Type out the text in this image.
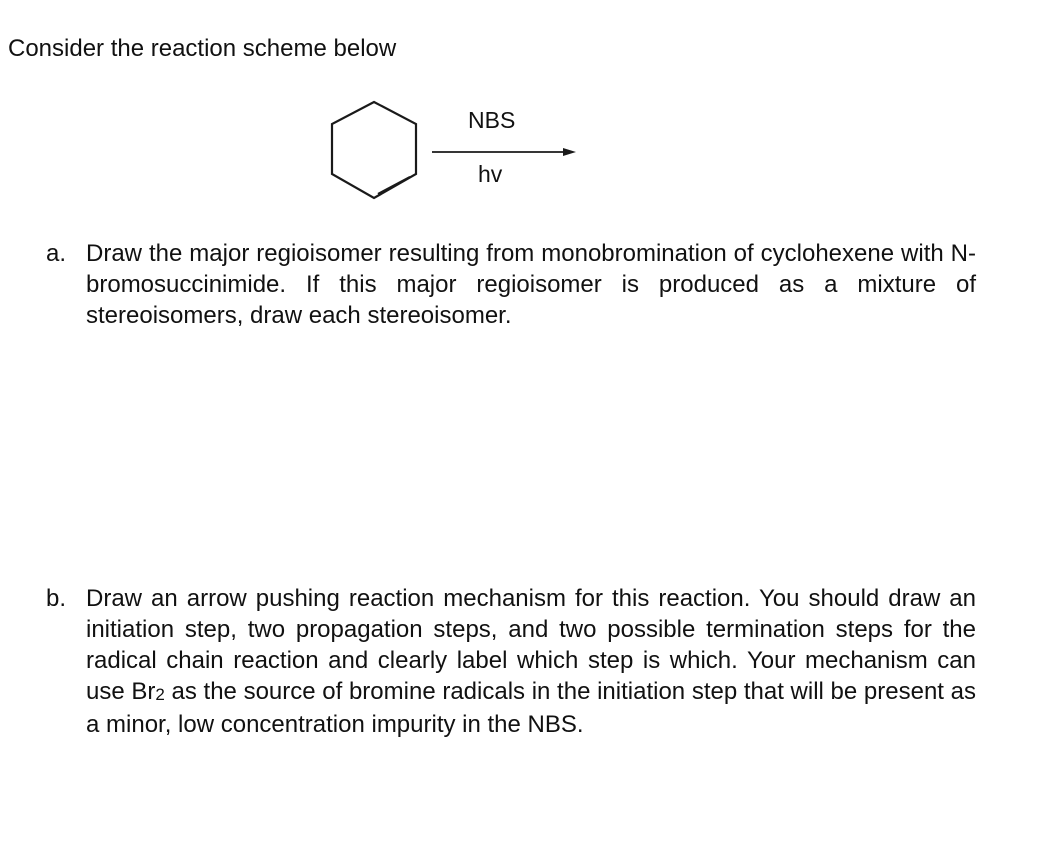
Consider the reaction scheme below
NBS
hv
a. Draw the major regioisomer resulting from monobromination of cyclohexene with N-bromosuccinimide. If this major regioisomer is produced as a mixture of stereoisomers, draw each stereoisomer.
b. Draw an arrow pushing reaction mechanism for this reaction. You should draw an initiation step, two propagation steps, and two possible termination steps for the radical chain reaction and clearly label which step is which. Your mechanism can use $Br_2$ as the source of bromine radicals in the initiation step that will be present as a minor, low concentration impurity in the NBS.
